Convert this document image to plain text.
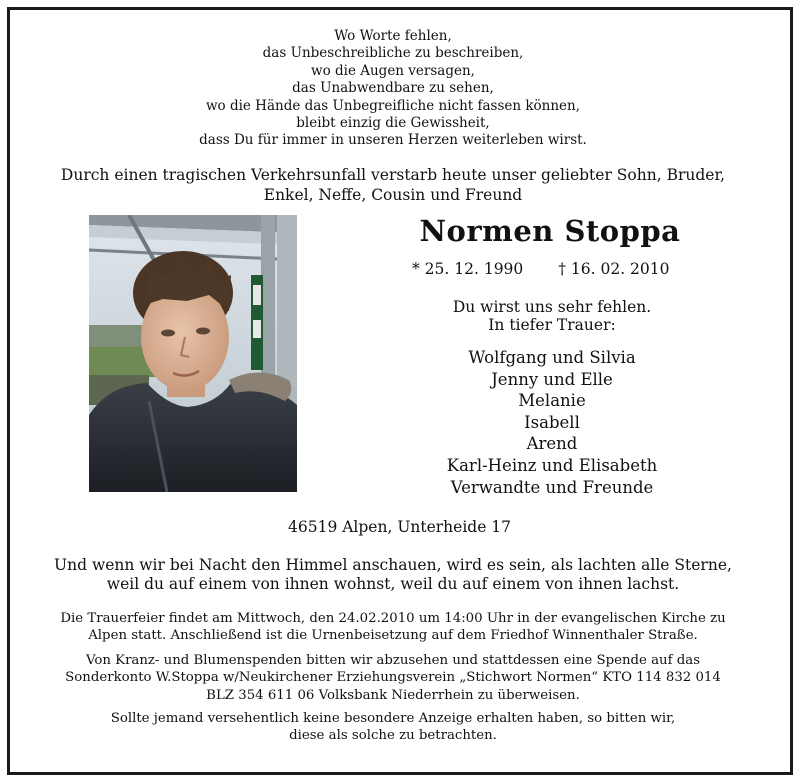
Wo Worte fehlen,
das Unbeschreibliche zu beschreiben,
wo die Augen versagen,
das Unabwendbare zu sehen,
wo die Hände das Unbegreifliche nicht fassen können,
bleibt einzig die Gewissheit,
dass Du für immer in unseren Herzen weiterleben wirst.
Durch einen tragischen Verkehrsunfall verstarb heute unser geliebter Sohn, Bruder,
Enkel, Neffe, Cousin und Freund
Normen Stoppa
* 25. 12. 1990 † 16. 02. 2010
Du wirst uns sehr fehlen.
In tiefer Trauer:
Wolfgang und Silvia
Jenny und Elle
Melanie
Isabell
Arend
Karl-Heinz und Elisabeth
Verwandte und Freunde
46519 Alpen, Unterheide 17
Und wenn wir bei Nacht den Himmel anschauen, wird es sein, als lachten alle Sterne,
weil du auf einem von ihnen wohnst, weil du auf einem von ihnen lachst.
Die Trauerfeier findet am Mittwoch, den 24.02.2010 um 14:00 Uhr in der evangelischen Kirche zu
Alpen statt. Anschließend ist die Urnenbeisetzung auf dem Friedhof Winnenthaler Straße.
Von Kranz- und Blumenspenden bitten wir abzusehen und stattdessen eine Spende auf das
Sonderkonto W.Stoppa w/Neukirchener Erziehungsverein „Stichwort Normen“ KTO 114 832 014
BLZ 354 611 06 Volksbank Niederrhein zu überweisen.
Sollte jemand versehentlich keine besondere Anzeige erhalten haben, so bitten wir,
diese als solche zu betrachten.
